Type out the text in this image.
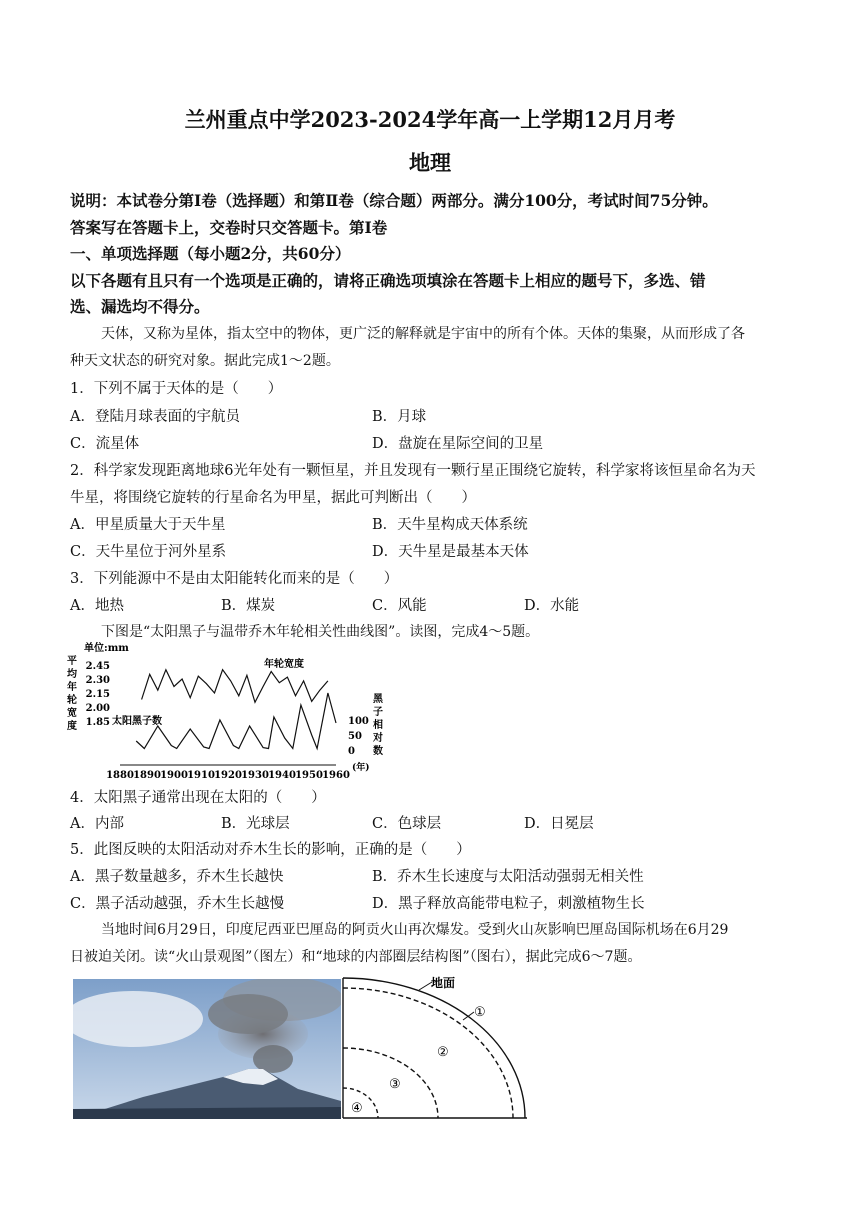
兰州重点中学2023-2024学年高一上学期12月月考
地理
说明：本试卷分第Ⅰ卷（选择题）和第Ⅱ卷（综合题）两部分。满分100分，考试时间75分钟。
答案写在答题卡上，交卷时只交答题卡。第Ⅰ卷
一、单项选择题（每小题2分，共60分）
以下各题有且只有一个选项是正确的，请将正确选项填涂在答题卡上相应的题号下，多选、错
选、漏选均不得分。
天体，又称为星体，指太空中的物体，更广泛的解释就是宇宙中的所有个体。天体的集聚，从而形成了各
种天文状态的研究对象。据此完成1～2题。
1．下列不属于天体的是（　　）
A．登陆月球表面的宇航员	B．月球
C．流星体	D．盘旋在星际空间的卫星
2．科学家发现距离地球6光年处有一颗恒星，并且发现有一颗行星正围绕它旋转，科学家将该恒星命名为天
牛星，将围绕它旋转的行星命名为甲星，据此可判断出（　　）
A．甲星质量大于天牛星	B．天牛星构成天体系统
C．天牛星位于河外星系	D．天牛星是最基本天体
3．下列能源中不是由太阳能转化而来的是（　　）
A．地热	B．煤炭	C．风能	D．水能
下图是“太阳黑子与温带乔木年轮相关性曲线图”。读图，完成4～5题。
单位:mm
平
均
年
轮
宽
度
2.45
2.30
2.15
2.00
1.85	100
50
0
黑
子
相
对
数
1880 1890 1900 1910 1920 1930 1940 1950 1960
(年)
年轮宽度
太阳黑子数
4．太阳黑子通常出现在太阳的（　　）
A．内部	B．光球层	C．色球层	D．日冕层
5．此图反映的太阳活动对乔木生长的影响，正确的是（　　）
A．黑子数量越多，乔木生长越快	B．乔木生长速度与太阳活动强弱无相关性
C．黑子活动越强，乔木生长越慢	D．黑子释放高能带电粒子，刺激植物生长
当地时间6月29日，印度尼西亚巴厘岛的阿贡火山再次爆发。受到火山灰影响巴厘岛国际机场在6月29
日被迫关闭。读“火山景观图”（图左）和“地球的内部圈层结构图”（图右），据此完成6～7题。
地面
①
②
③
④
